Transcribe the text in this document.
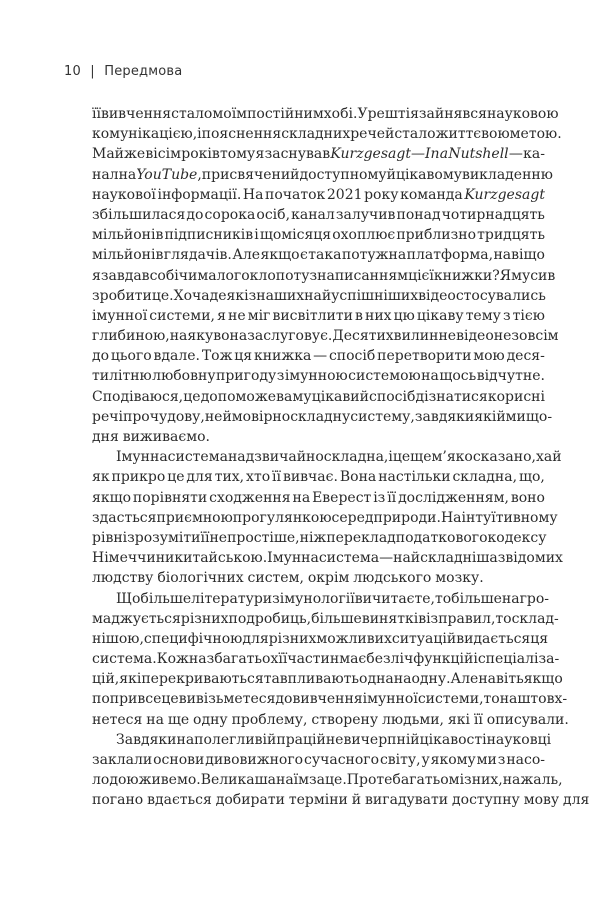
10 | Передмова
її вивчення стало моїм постійним хобі. Урешті я зайнявся науковою
комунікацією, і пояснення складних речей стало життєвою метою.
Майже вісім років тому я заснував Kurzgesagt—In a Nutshell — ка-
нал на YouTube, присвячений доступному й цікавому викладенню
наукової інформації. На початок 2021 року команда Kurzgesagt
збільшилася до сорока осіб, канал залучив понад чотирнадцять
мільйонів підписників і щомісяця охоплює приблизно тридцять
мільйонів глядачів. Але якщо є така потужна платформа, навіщо
я завдав собі чималого клопоту з написанням цієї книжки? Я мусив
зробити це. Хоча деякі з наших найуспішніших відео стосувались
імунної системи, я не міг висвітлити в них цю цікаву тему з тією
глибиною, на яку вона заслуговує. Десятихвилинне відео не зовсім
до цього вдале. Тож ця книжка — спосіб перетворити мою деся-
тилітню любовну пригоду з імунною системою на щось відчутне.
Сподіваюся, це допоможе вам у цікавий спосіб дізнатися корисні
речі про чудову, неймовірно складну систему, завдяки якій ми що-
дня виживаємо.
Імунна система надзвичайно складна, і це ще м’яко сказано, хай
як прикро це для тих, хто її вивчає. Вона настільки складна, що,
якщо порівняти сходження на Еверест із її дослідженням, воно
здасться приємною прогулянкою серед природи. На інтуїтивному
рівні зрозуміти її не простіше, ніж переклад податкового кодексу
Німеччини китайською. Імунна система — найскладніша з відомих
людству біологічних систем, окрім людського мозку.
Що більше літератури з імунології ви читаєте, то більше нагро-
маджується різних подробиць, більше винятків із правил, то склад-
нішою, специфічною для різних можливих ситуацій видається ця
система. Кожна з багатьох її частин має безліч функцій і спеціаліза-
цій, які перекриваються та впливають одна на одну. Але навіть якщо
попри все це ви візьметеся до вивчення імунної системи, то наштовх-
нетеся на ще одну проблему, створену людьми, які її описували.
Завдяки наполегливій праці й невичерпній цікавості науковці
заклали основи дивовижного сучасного світу, у якому ми з насо-
лодою живемо. Велика шана їм за це. Проте багатьом із них, на жаль,
погано вдається добирати терміни й вигадувати доступну мову для
